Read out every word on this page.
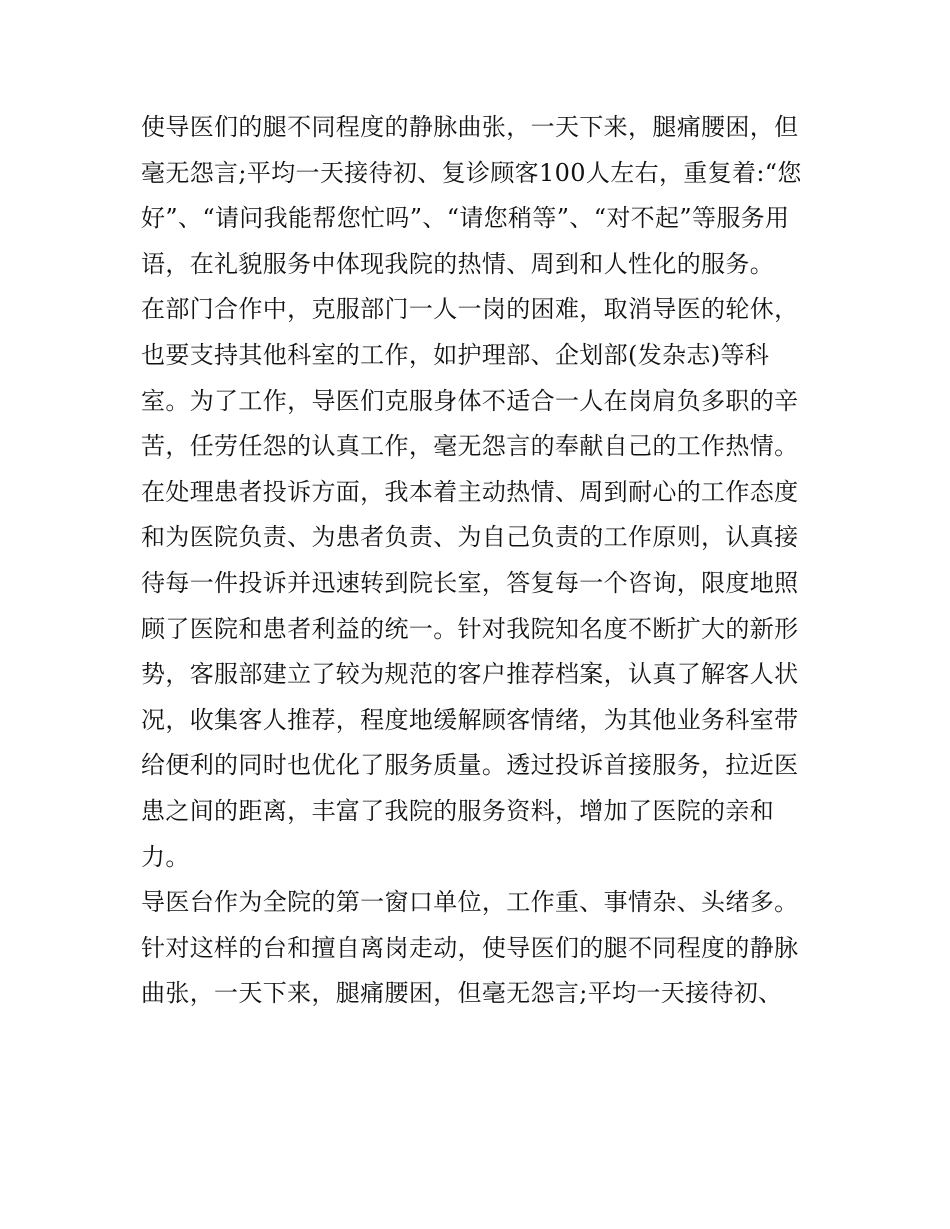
使导医们的腿不同程度的静脉曲张，一天下来，腿痛腰困，但
毫无怨言;平均一天接待初、复诊顾客100人左右，重复着:“您
好”、“请问我能帮您忙吗”、“请您稍等”、“对不起”等服务用
语，在礼貌服务中体现我院的热情、周到和人性化的服务。
在部门合作中，克服部门一人一岗的困难，取消导医的轮休，
也要支持其他科室的工作，如护理部、企划部(发杂志)等科
室。为了工作，导医们克服身体不适合一人在岗肩负多职的辛
苦，任劳任怨的认真工作，毫无怨言的奉献自己的工作热情。
在处理患者投诉方面，我本着主动热情、周到耐心的工作态度
和为医院负责、为患者负责、为自己负责的工作原则，认真接
待每一件投诉并迅速转到院长室，答复每一个咨询，限度地照
顾了医院和患者利益的统一。针对我院知名度不断扩大的新形
势，客服部建立了较为规范的客户推荐档案，认真了解客人状
况，收集客人推荐，程度地缓解顾客情绪，为其他业务科室带
给便利的同时也优化了服务质量。透过投诉首接服务，拉近医
患之间的距离，丰富了我院的服务资料，增加了医院的亲和
力。
导医台作为全院的第一窗口单位，工作重、事情杂、头绪多。
针对这样的台和擅自离岗走动，使导医们的腿不同程度的静脉
曲张，一天下来，腿痛腰困，但毫无怨言;平均一天接待初、
